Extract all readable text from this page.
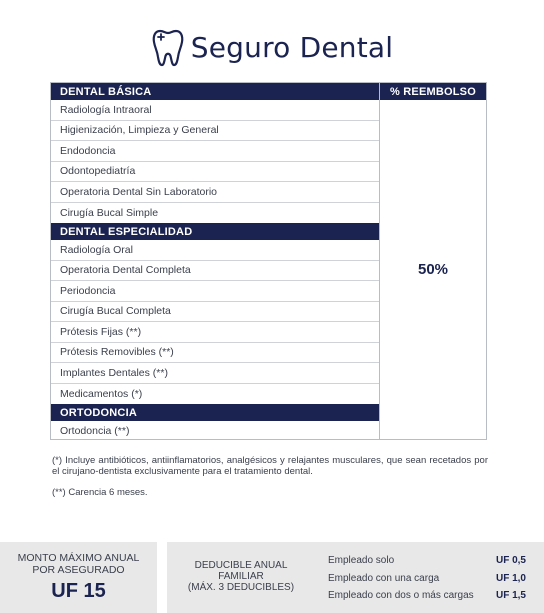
Seguro Dental
DENTAL BÁSICA
Radiología Intraoral
Higienización, Limpieza y General
Endodoncia
Odontopediatría
Operatoria Dental Sin Laboratorio
Cirugía Bucal Simple
DENTAL ESPECIALIDAD
Radiología Oral
Operatoria Dental Completa
Periodoncia
Cirugía Bucal Completa
Prótesis Fijas (**)
Prótesis Removibles (**)
Implantes Dentales (**)
Medicamentos (*)
ORTODONCIA
Ortodoncia (**)
% REEMBOLSO
50%

(*) Incluye antibióticos, antiinflamatorios, analgésicos y relajantes musculares, que sean recetados por el cirujano-dentista exclusivamente para el tratamiento dental.

(**) Carencia 6 meses.

MONTO MÁXIMO ANUAL
POR ASEGURADO
UF 15
DEDUCIBLE ANUAL
FAMILIAR
(MÁX. 3 DEDUCIBLES)
Empleado solo	UF 0,5
Empleado con una carga	UF 1,0
Empleado con dos o más cargas UF 1,5
